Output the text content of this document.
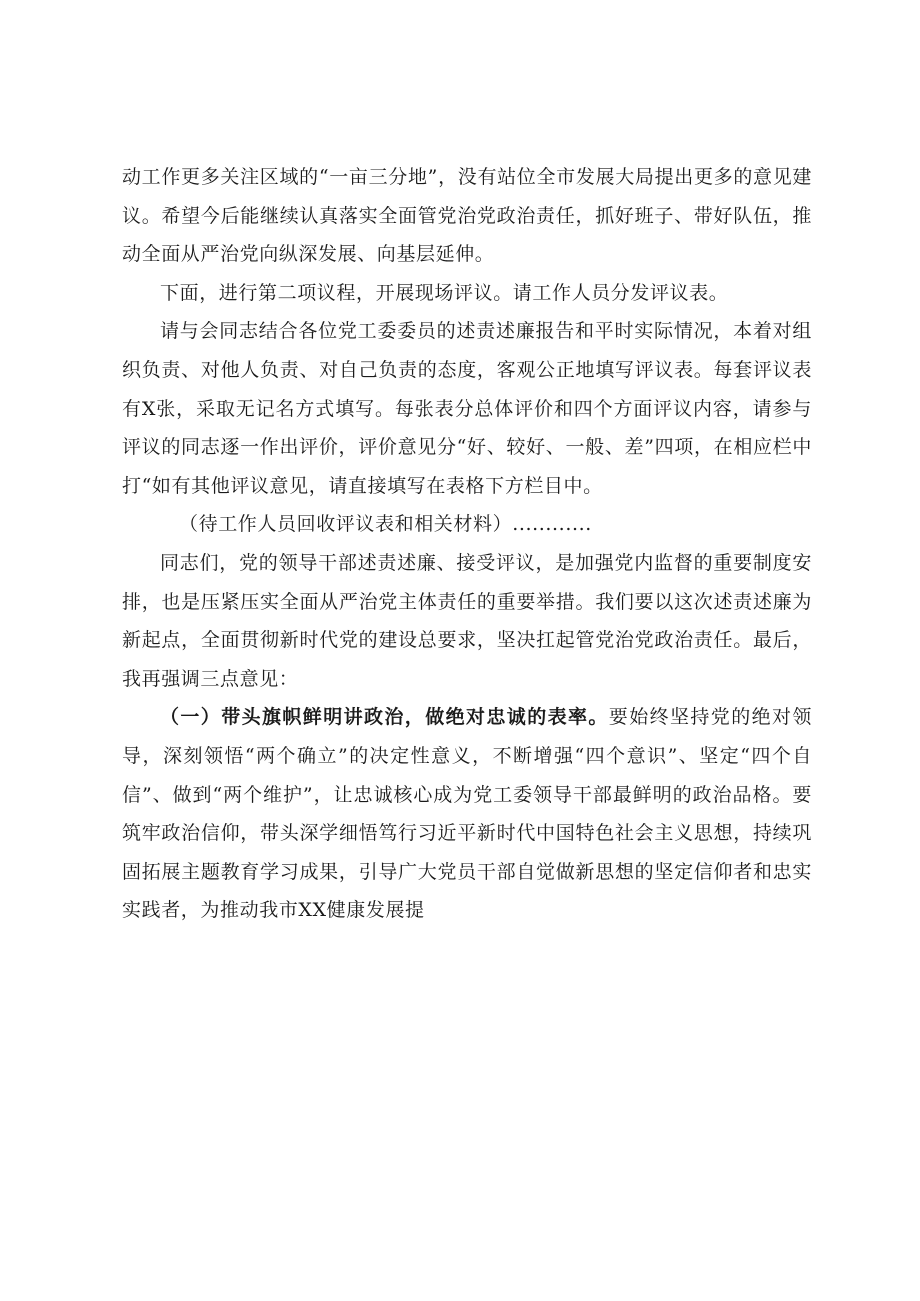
动工作更多关注区域的“一亩三分地”，没有站位全市发展大局提出更多的意见建议。希望今后能继续认真落实全面管党治党政治责任，抓好班子、带好队伍，推动全面从严治党向纵深发展、向基层延伸。

下面，进行第二项议程，开展现场评议。请工作人员分发评议表。

请与会同志结合各位党工委委员的述责述廉报告和平时实际情况，本着对组织负责、对他人负责、对自己负责的态度，客观公正地填写评议表。每套评议表有X张，采取无记名方式填写。每张表分总体评价和四个方面评议内容，请参与评议的同志逐一作出评价，评价意见分“好、较好、一般、差”四项，在相应栏中打“如有其他评议意见，请直接填写在表格下方栏目中。

（待工作人员回收评议表和相关材料）............

同志们，党的领导干部述责述廉、接受评议，是加强党内监督的重要制度安排，也是压紧压实全面从严治党主体责任的重要举措。我们要以这次述责述廉为新起点，全面贯彻新时代党的建设总要求，坚决扛起管党治党政治责任。最后，我再强调三点意见：

（一）带头旗帜鲜明讲政治，做绝对忠诚的表率。要始终坚持党的绝对领导，深刻领悟“两个确立”的决定性意义，不断增强“四个意识”、坚定“四个自信”、做到“两个维护”，让忠诚核心成为党工委领导干部最鲜明的政治品格。要筑牢政治信仰，带头深学细悟笃行习近平新时代中国特色社会主义思想，持续巩固拓展主题教育学习成果，引导广大党员干部自觉做新思想的坚定信仰者和忠实实践者，为推动我市XX健康发展提
